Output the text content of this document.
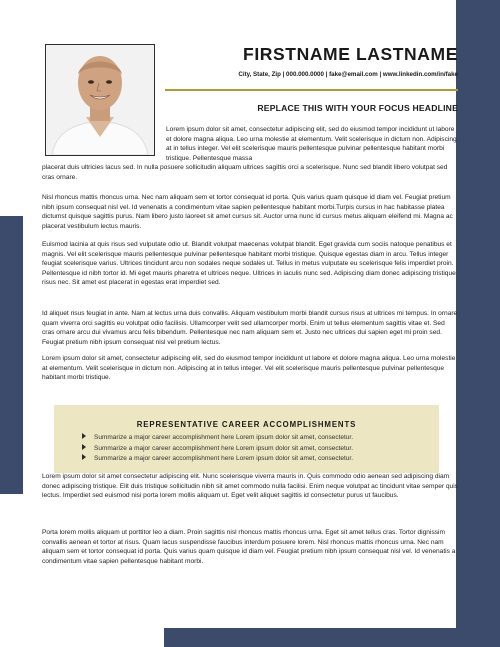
FIRSTNAME LASTNAME

City, State, Zip | 000.000.0000 | fake@email.com | www.linkedin.com/in/fake

REPLACE THIS WITH YOUR FOCUS HEADLINE

Lorem ipsum dolor sit amet, consectetur adipiscing elit, sed do eiusmod tempor incididunt ut labore et dolore magna aliqua. Leo urna molestie at elementum. Velit scelerisque in dictum non. Adipiscing at in tellus integer. Vel elit scelerisque mauris pellentesque pulvinar pellentesque habitant morbi tristique. Pellentesque massa

placerat duis ultricies lacus sed. In nulla posuere sollicitudin aliquam ultrices sagittis orci a scelerisque. Nunc sed blandit libero volutpat sed cras ornare.

Nisl rhoncus mattis rhoncus urna. Nec nam aliquam sem et tortor consequat id porta. Quis varius quam quisque id diam vel. Feugiat pretium nibh ipsum consequat nisl vel. Id venenatis a condimentum vitae sapien pellentesque habitant morbi.Turpis cursus in hac habitasse platea dictumst quisque sagittis purus. Nam libero justo laoreet sit amet cursus sit. Auctor urna nunc id cursus metus aliquam eleifend mi. Magna ac placerat vestibulum lectus mauris.

Euismod lacinia at quis risus sed vulputate odio ut. Blandit volutpat maecenas volutpat blandit. Eget gravida cum sociis natoque penatibus et magnis. Vel elit scelerisque mauris pellentesque pulvinar pellentesque habitant morbi tristique. Quisque egestas diam in arcu. Tellus integer feugiat scelerisque varius. Ultrices tincidunt arcu non sodales neque sodales ut. Tellus in metus vulputate eu scelerisque felis imperdiet proin. Pellentesque id nibh tortor id. Mi eget mauris pharetra et ultrices neque. Ultrices in iaculis nunc sed. Adipiscing diam donec adipiscing tristique risus nec. Sit amet est placerat in egestas erat imperdiet sed.

Id aliquet risus feugiat in ante. Nam at lectus urna duis convallis. Aliquam vestibulum morbi blandit cursus risus at ultrices mi tempus. In ornare quam viverra orci sagittis eu volutpat odio facilisis. Ullamcorper velit sed ullamcorper morbi. Enim ut tellus elementum sagittis vitae et. Sed cras ornare arcu dui vivamus arcu felis bibendum. Pellentesque nec nam aliquam sem et. Justo nec ultrices dui sapien eget mi proin sed. Feugiat pretium nibh ipsum consequat nisl vel pretium lectus.

Lorem ipsum dolor sit amet, consectetur adipiscing elit, sed do eiusmod tempor incididunt ut labore et dolore magna aliqua. Leo urna molestie at elementum. Velit scelerisque in dictum non. Adipiscing at in tellus integer. Vel elit scelerisque mauris pellentesque pulvinar pellentesque habitant morbi tristique.

REPRESENTATIVE CAREER ACCOMPLISHMENTS
Summarize a major career accomplishment here Lorem ipsum dolor sit amet, consectetur.
Summarize a major career accomplishment here Lorem ipsum dolor sit amet, consectetur.
Summarize a major career accomplishment here Lorem ipsum dolor sit amet, consectetur.

Lorem ipsum dolor sit amet consectetur adipiscing elit. Nunc scelerisque viverra mauris in. Quis commodo odio aenean sed adipiscing diam donec adipiscing tristique. Elit duis tristique sollicitudin nibh sit amet commodo nulla facilisi. Enim neque volutpat ac tincidunt vitae semper quis lectus. Imperdiet sed euismod nisi porta lorem mollis aliquam ut. Eget velit aliquet sagittis id consectetur purus ut faucibus.

Porta lorem mollis aliquam ut porttitor leo a diam. Proin sagittis nisl rhoncus mattis rhoncus urna. Eget sit amet tellus cras. Tortor dignissim convallis aenean et tortor at risus. Quam lacus suspendisse faucibus interdum posuere lorem. Nisl rhoncus mattis rhoncus urna. Nec nam aliquam sem et tortor consequat id porta. Quis varius quam quisque id diam vel. Feugiat pretium nibh ipsum consequat nisl vel. Id venenatis a condimentum vitae sapien pellentesque habitant morbi.
